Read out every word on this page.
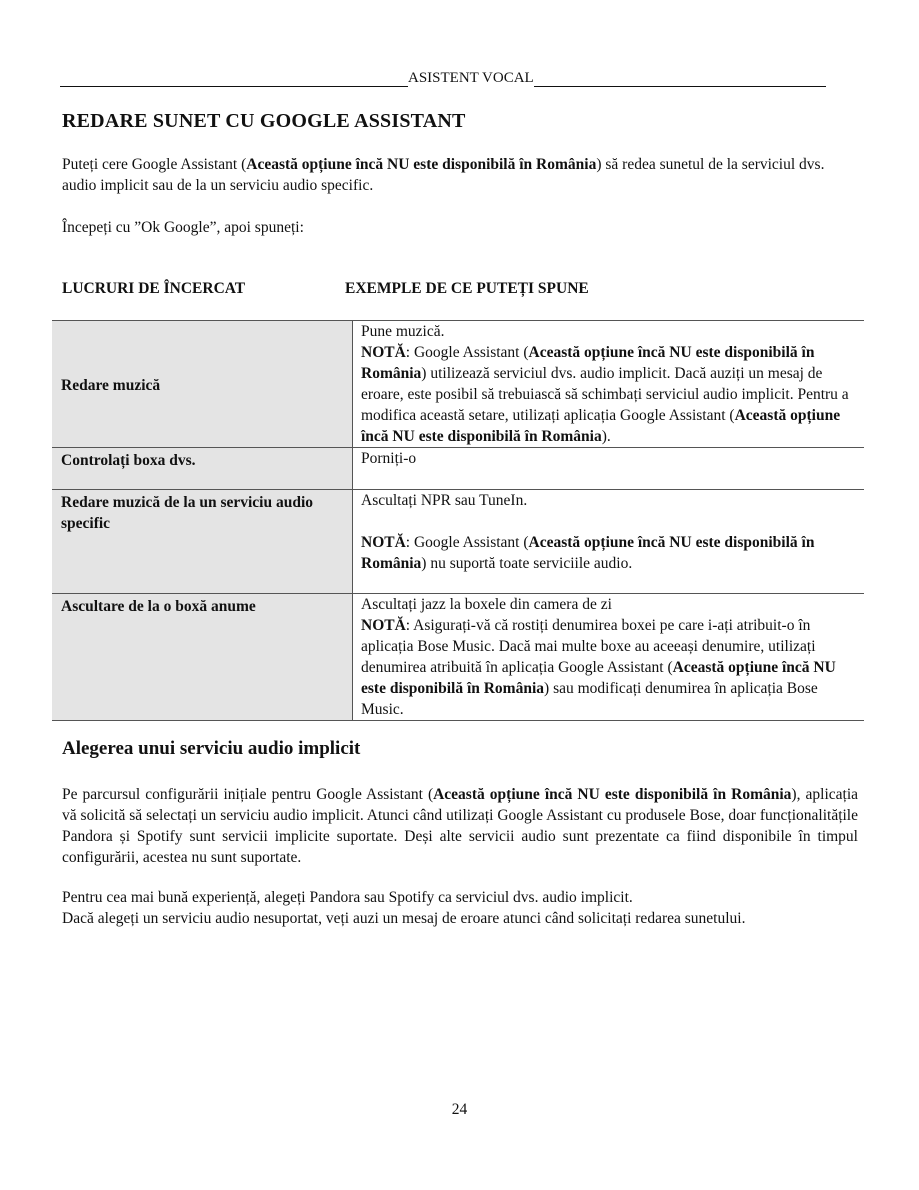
ASISTENT VOCAL
REDARE SUNET CU GOOGLE ASSISTANT

Puteți cere Google Assistant (Această opțiune încă NU este disponibilă în România) să redea sunetul de la serviciul dvs. audio implicit sau de la un serviciu audio specific.

Începeți cu ”Ok Google”, apoi spuneți:

LUCRURI DE ÎNCERCAT	EXEMPLE DE CE PUTEȚI SPUNE
Redare muzică	Pune muzică.
NOTĂ: Google Assistant (Această opțiune încă NU este disponibilă în România) utilizează serviciul dvs. audio implicit. Dacă auziți un mesaj de eroare, este posibil să trebuiască să schimbați serviciul audio implicit. Pentru a modifica această setare, utilizați aplicația Google Assistant (Această opțiune încă NU este disponibilă în România).

Controlați boxa dvs.	Porniți-o

Redare muzică de la un serviciu audio specific	Ascultați NPR sau TuneIn.
NOTĂ: Google Assistant (Această opțiune încă NU este disponibilă în România) nu suportă toate serviciile audio.

Ascultare de la o boxă anume	Ascultați jazz la boxele din camera de zi
NOTĂ: Asigurați-vă că rostiți denumirea boxei pe care i-ați atribuit-o în aplicația Bose Music. Dacă mai multe boxe au aceeași denumire, utilizați denumirea atribuită în aplicația Google Assistant (Această opțiune încă NU este disponibilă în România) sau modificați denumirea în aplicația Bose Music.
Alegerea unui serviciu audio implicit

Pe parcursul configurării inițiale pentru Google Assistant (Această opțiune încă NU este disponibilă în România), aplicația vă solicită să selectați un serviciu audio implicit. Atunci când utilizați Google Assistant cu produsele Bose, doar funcționalitățile Pandora și Spotify sunt servicii implicite suportate. Deși alte servicii audio sunt prezentate ca fiind disponibile în timpul configurării, acestea nu sunt suportate.

Pentru cea mai bună experiență, alegeți Pandora sau Spotify ca serviciul dvs. audio implicit.

Dacă alegeți un serviciu audio nesuportat, veți auzi un mesaj de eroare atunci când solicitați redarea sunetului.

24
